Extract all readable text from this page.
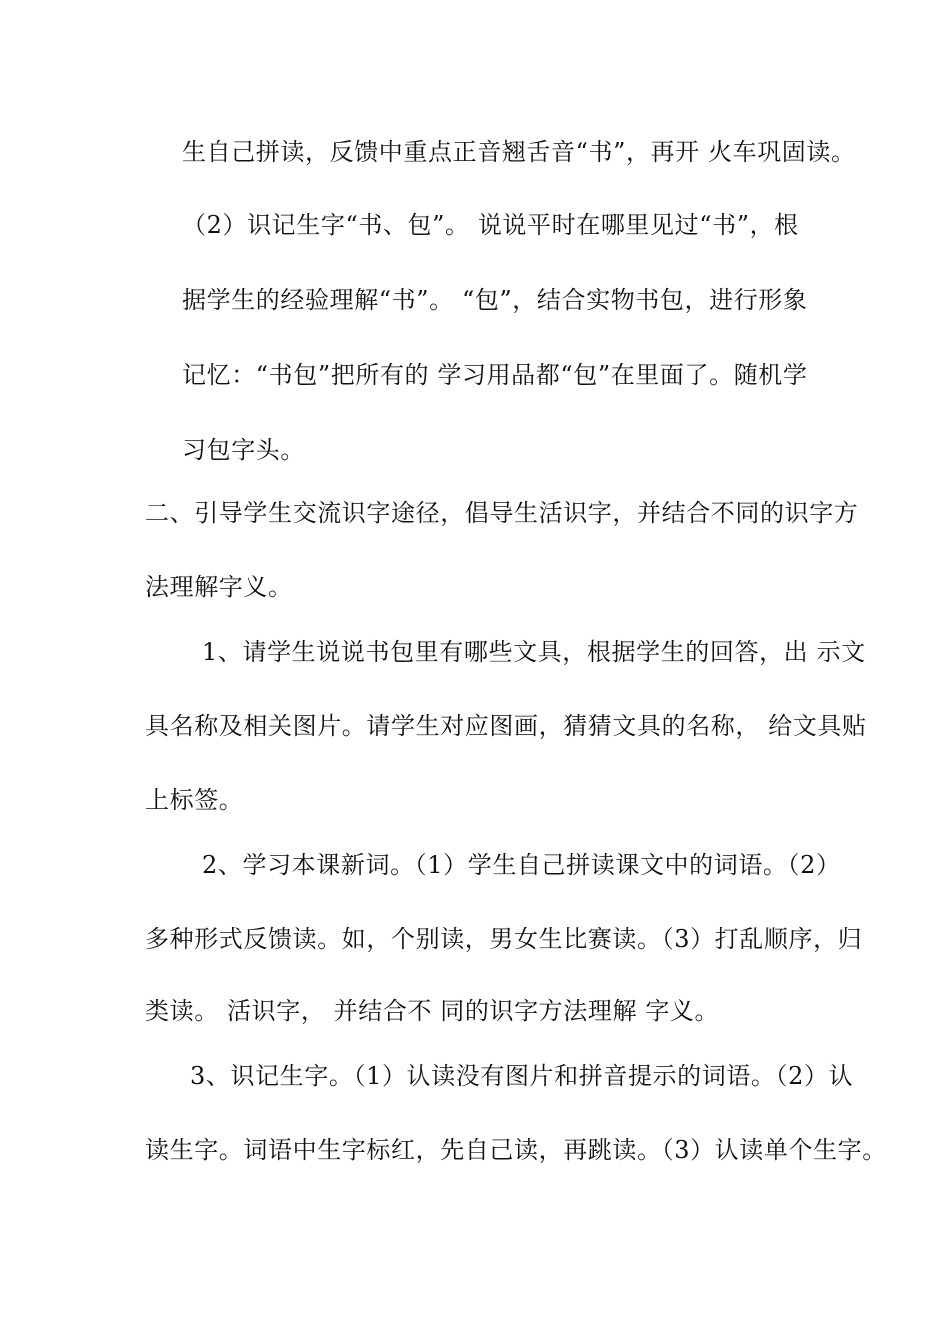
生自己拼读，反馈中重点正音翘舌音“书”，再开 火车巩固读。
（2）识记生字“书、包”。 说说平时在哪里见过“书”，根
据学生的经验理解“书”。 “包”，结合实物书包，进行形象
记忆：“书包”把所有的 学习用品都“包”在里面了。随机学
习包字头。
二、引导学生交流识字途径，倡导生活识字，并结合不同的识字方
法理解字义。
1、请学生说说书包里有哪些文具，根据学生的回答，出 示文
具名称及相关图片。请学生对应图画，猜猜文具的名称， 给文具贴
上标签。
2、学习本课新词。（1）学生自己拼读课文中的词语。（2）
多种形式反馈读。如，个别读，男女生比赛读。（3）打乱顺序，归
类读。 活识字， 并结合不 同的识字方法理解 字义。
3、识记生字。（1）认读没有图片和拼音提示的词语。（2）认
读生字。词语中生字标红，先自己读，再跳读。（3）认读单个生字。
